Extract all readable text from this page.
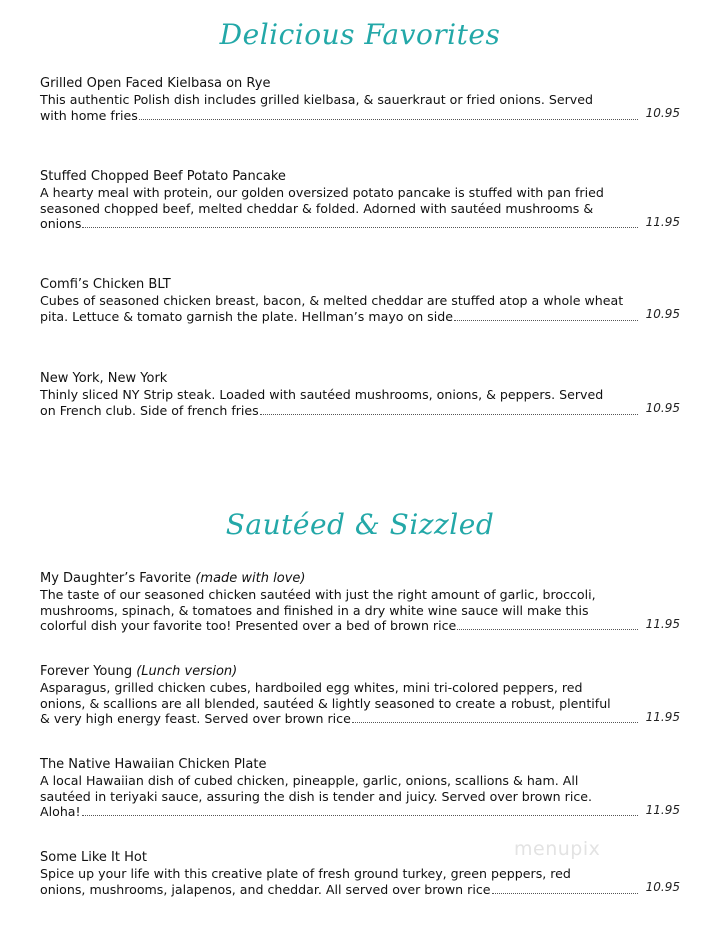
Delicious Favorites
Grilled Open Faced Kielbasa on Rye
This authentic Polish dish includes grilled kielbasa, & sauerkraut or fried onions. Served
with home fries	10.95
Stuffed Chopped Beef Potato Pancake
A hearty meal with protein, our golden oversized potato pancake is stuffed with pan fried
seasoned chopped beef, melted cheddar & folded. Adorned with sautéed mushrooms &
onions	11.95
Comfi’s Chicken BLT
Cubes of seasoned chicken breast, bacon, & melted cheddar are stuffed atop a whole wheat
pita. Lettuce & tomato garnish the plate. Hellman’s mayo on side	10.95
New York, New York
Thinly sliced NY Strip steak. Loaded with sautéed mushrooms, onions, & peppers. Served
on French club. Side of french fries	10.95
Sautéed & Sizzled
My Daughter’s Favorite (made with love)
The taste of our seasoned chicken sautéed with just the right amount of garlic, broccoli,
mushrooms, spinach, & tomatoes and finished in a dry white wine sauce will make this
colorful dish your favorite too! Presented over a bed of brown rice	11.95
Forever Young (Lunch version)
Asparagus, grilled chicken cubes, hardboiled egg whites, mini tri-colored peppers, red
onions, & scallions are all blended, sautéed & lightly seasoned to create a robust, plentiful
& very high energy feast. Served over brown rice	11.95
The Native Hawaiian Chicken Plate
A local Hawaiian dish of cubed chicken, pineapple, garlic, onions, scallions & ham. All
sautéed in teriyaki sauce, assuring the dish is tender and juicy. Served over brown rice.
Aloha!	11.95
Some Like It Hot
Spice up your life with this creative plate of fresh ground turkey, green peppers, red
onions, mushrooms, jalapenos, and cheddar. All served over brown rice	10.95
menupix
